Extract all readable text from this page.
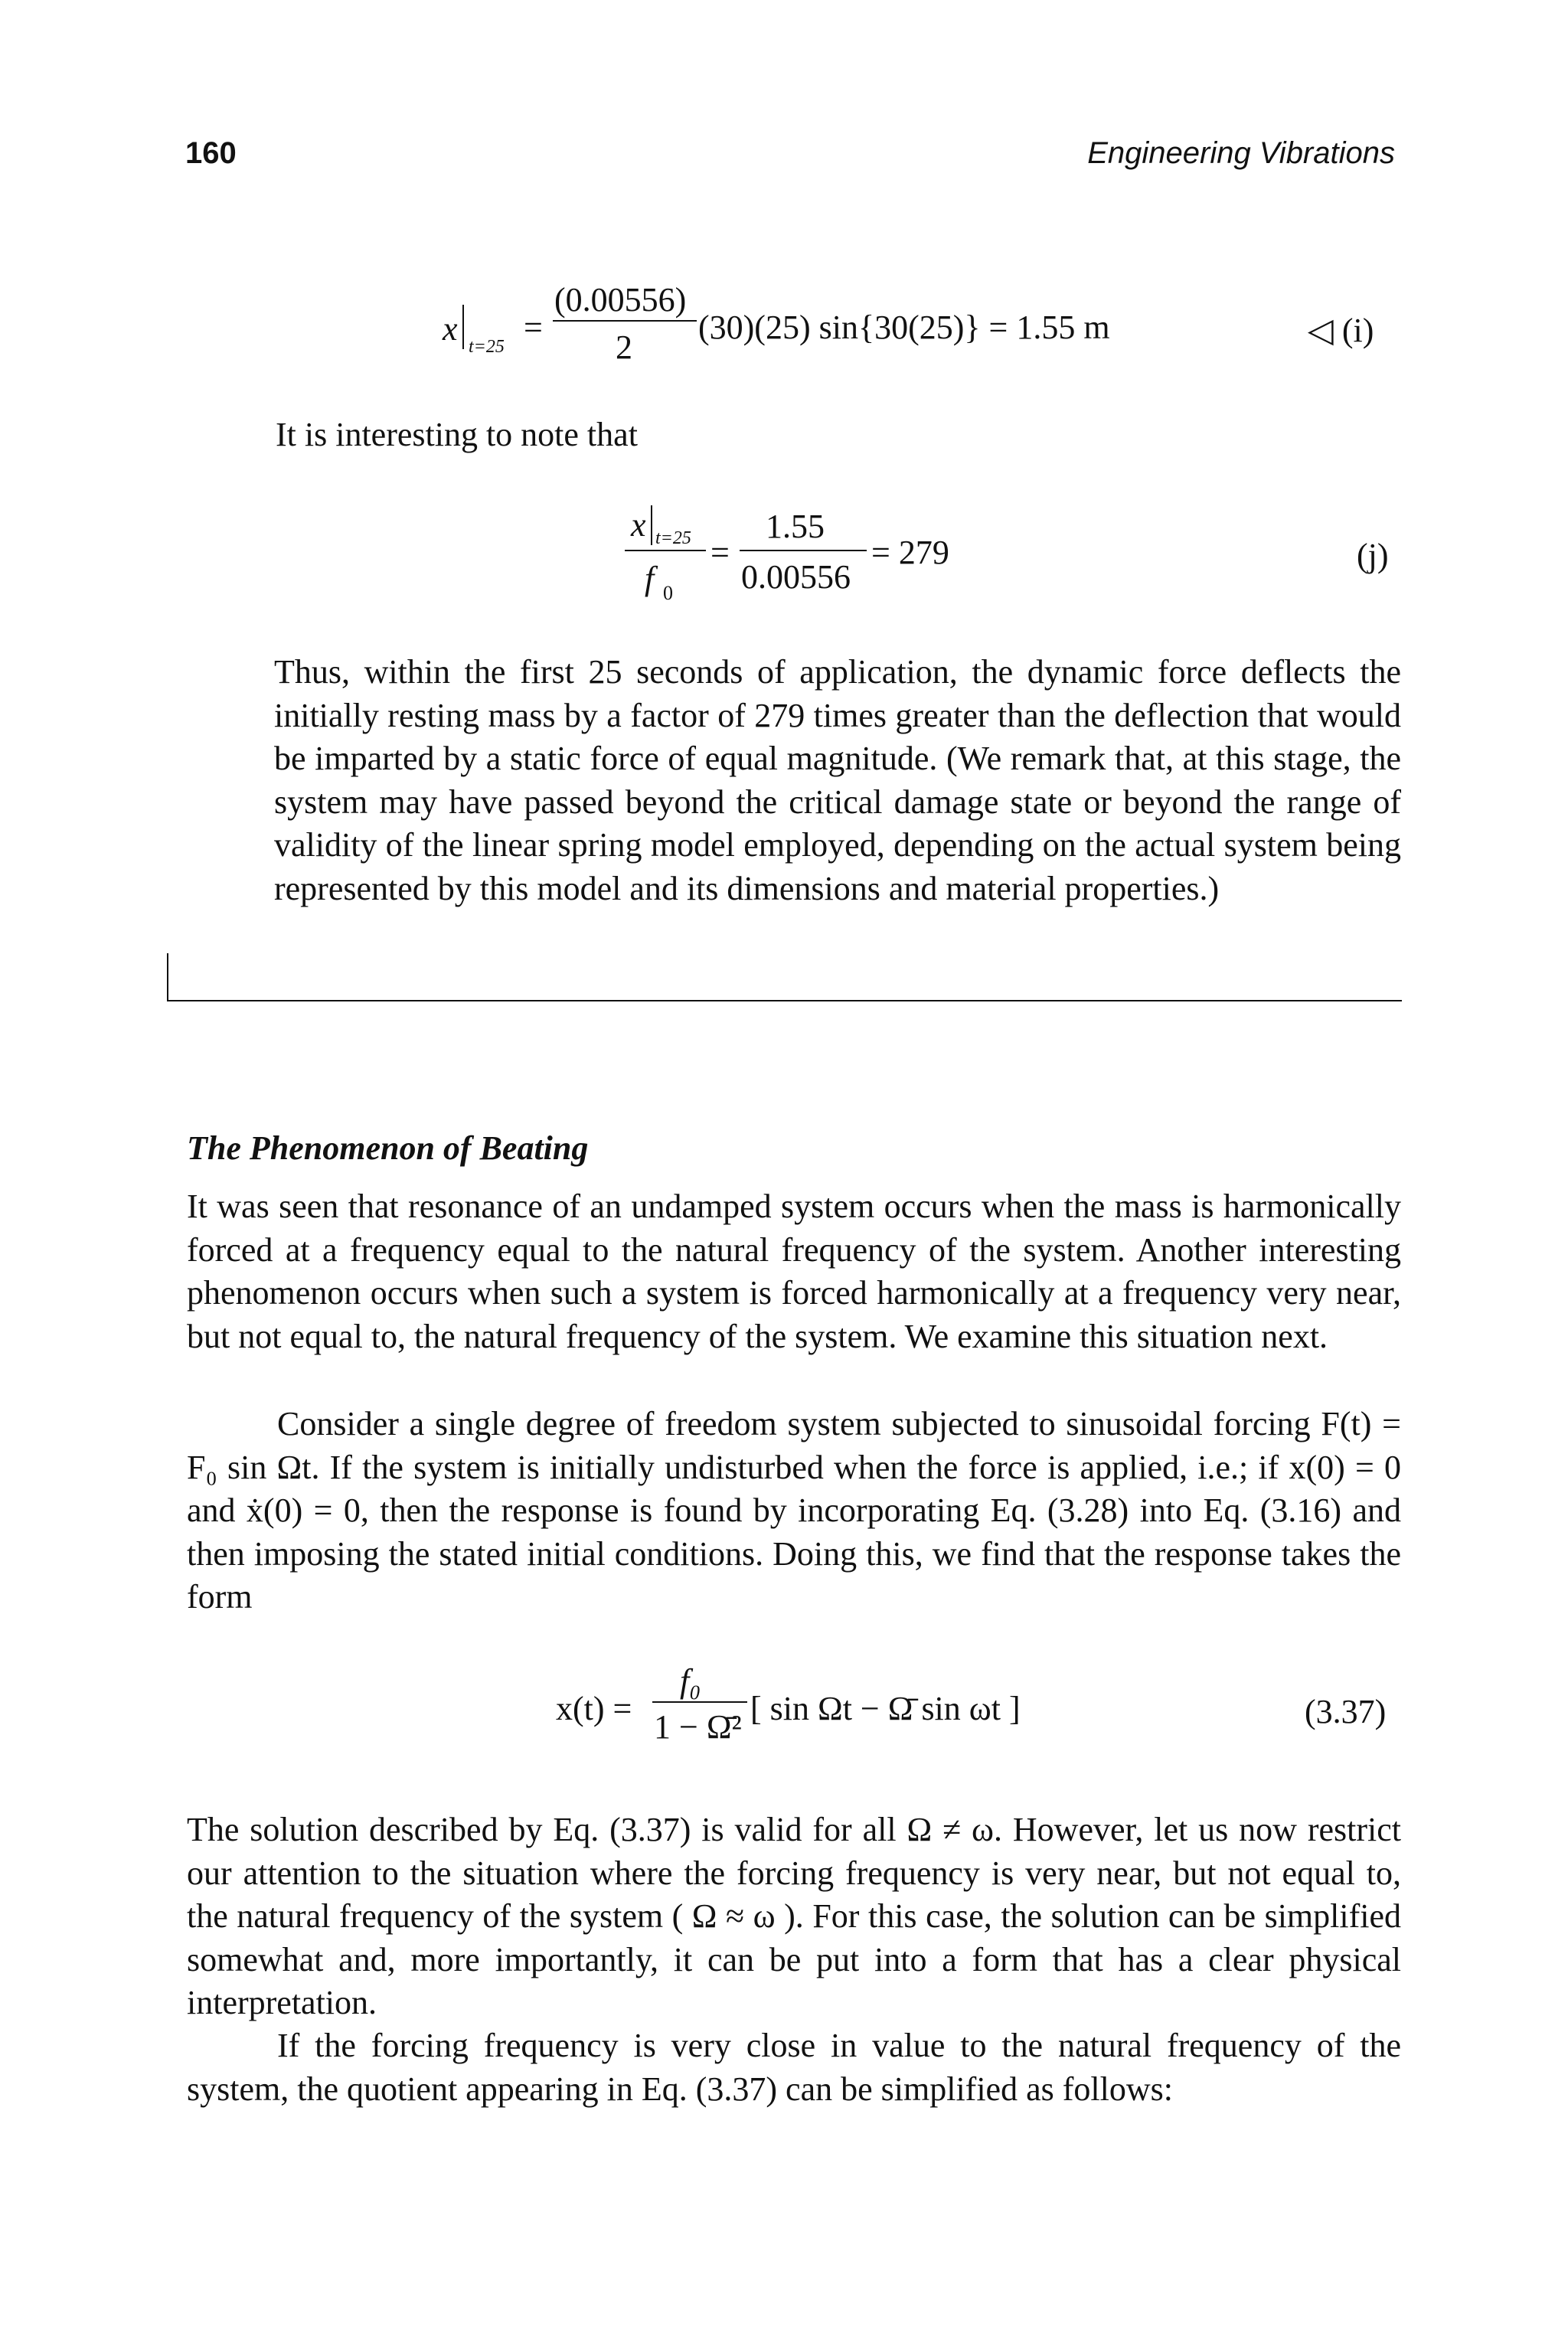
160	Engineering Vibrations
x t=25
=
(0.00556)
2
(30)(25) sin{30(25)} = 1.55 m	◁ (i)
It is interesting to note that
x t=25
f 0
=
1.55
0.00556
= 279	(j)
Thus, within the first 25 seconds of application, the dynamic force deflects the initially resting mass by a factor of 279 times greater than the deflection that would be imparted by a static force of equal magnitude. (We remark that, at this stage, the system may have passed beyond the critical damage state or beyond the range of validity of the linear spring model employed, depending on the actual system being represented by this model and its dimensions and material properties.)
The Phenomenon of Beating
It was seen that resonance of an undamped system occurs when the mass is harmonically forced at a frequency equal to the natural frequency of the system. Another interesting phenomenon occurs when such a system is forced harmonically at a frequency very near, but not equal to, the natural frequency of the system. We examine this situation next.
Consider a single degree of freedom system subjected to sinusoidal forcing F(t) = F₀ sin Ωt. If the system is initially undisturbed when the force is applied, i.e.; if x(0) = 0 and ẋ(0) = 0, then the response is found by incorporating Eq. (3.28) into Eq. (3.16) and then imposing the stated initial conditions. Doing this, we find that the response takes the form
x(t) =
f₀
1 − Ω̄² [ sin Ωt − Ω̄ sin ωt ]	(3.37)
The solution described by Eq. (3.37) is valid for all Ω ≠ ω. However, let us now restrict our attention to the situation where the forcing frequency is very near, but not equal to, the natural frequency of the system ( Ω ≈ ω ). For this case, the solution can be simplified somewhat and, more importantly, it can be put into a form that has a clear physical interpretation.
If the forcing frequency is very close in value to the natural frequency of the system, the quotient appearing in Eq. (3.37) can be simplified as follows:
